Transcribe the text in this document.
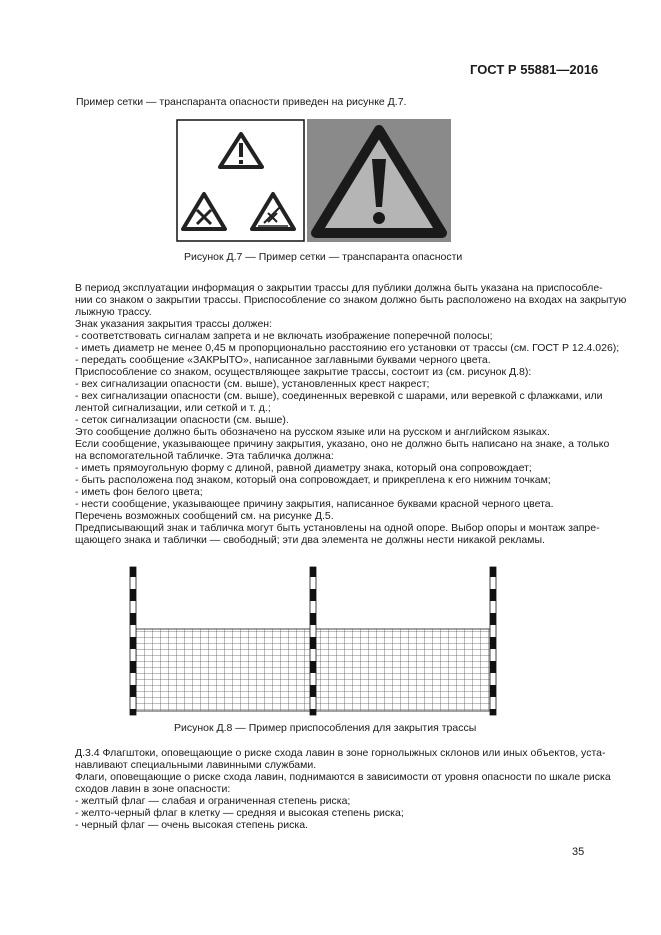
ГОСТ Р 55881—2016
Пример сетки — транспаранта опасности приведен на рисунке Д.7.
Рисунок Д.7 — Пример сетки — транспаранта опасности
В период эксплуатации информация о закрытии трассы для публики должна быть указана на приспособле-
нии со знаком о закрытии трассы. Приспособление со знаком должно быть расположено на входах на закрытую
лыжную трассу.
Знак указания закрытия трассы должен:
- соответствовать сигналам запрета и не включать изображение поперечной полосы;
- иметь диаметр не менее 0,45 м пропорционально расстоянию его установки от трассы (см. ГОСТ Р 12.4.026);
- передать сообщение «ЗАКРЫТО», написанное заглавными буквами черного цвета.
Приспособление со знаком, осуществляющее закрытие трассы, состоит из (см. рисунок Д.8):
- вех сигнализации опасности (см. выше), установленных крест накрест;
- вех сигнализации опасности (см. выше), соединенных веревкой с шарами, или веревкой с флажками, или
лентой сигнализации, или сеткой и т. д.;
- сеток сигнализации опасности (см. выше).
Это сообщение должно быть обозначено на русском языке или на русском и английском языках.
Если сообщение, указывающее причину закрытия, указано, оно не должно быть написано на знаке, а только
на вспомогательной табличке. Эта табличка должна:
- иметь прямоугольную форму с длиной, равной диаметру знака, который она сопровождает;
- быть расположена под знаком, который она сопровождает, и прикреплена к его нижним точкам;
- иметь фон белого цвета;
- нести сообщение, указывающее причину закрытия, написанное буквами красной черного цвета.
Перечень возможных сообщений см. на рисунке Д.5.
Предписывающий знак и табличка могут быть установлены на одной опоре. Выбор опоры и монтаж запре-
щающего знака и таблички — свободный; эти два элемента не должны нести никакой рекламы.
Рисунок Д.8 — Пример приспособления для закрытия трассы
Д.3.4 Флагштоки, оповещающие о риске схода лавин в зоне горнолыжных склонов или иных объектов, уста-
навливают специальными лавинными службами.
Флаги, оповещающие о риске схода лавин, поднимаются в зависимости от уровня опасности по шкале риска
сходов лавин в зоне опасности:
- желтый флаг — слабая и ограниченная степень риска;
- желто-черный флаг в клетку — средняя и высокая степень риска;
- черный флаг — очень высокая степень риска.
35
